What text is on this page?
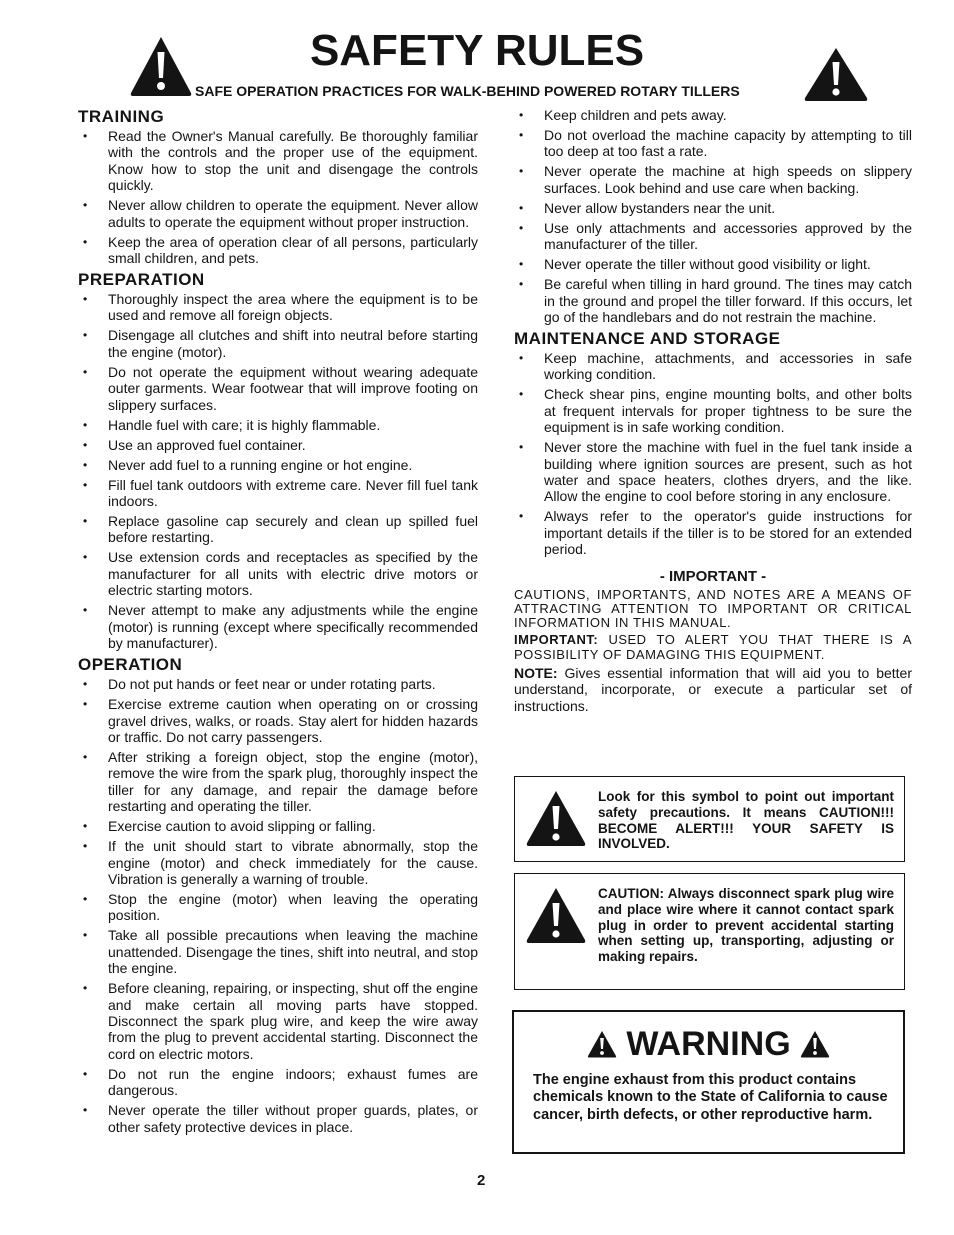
SAFETY RULES
SAFE OPERATION PRACTICES FOR WALK-BEHIND POWERED ROTARY TILLERS
TRAINING
• Read the Owner's Manual carefully. Be thoroughly familiar with the controls and the proper use of the equipment. Know how to stop the unit and disengage the controls quickly.
• Never allow children to operate the equipment. Never allow adults to operate the equipment without proper instruction.
• Keep the area of operation clear of all persons, particularly small children, and pets.
PREPARATION
• Thoroughly inspect the area where the equipment is to be used and remove all foreign objects.
• Disengage all clutches and shift into neutral before starting the engine (motor).
• Do not operate the equipment without wearing adequate outer garments. Wear footwear that will improve footing on slippery surfaces.
• Handle fuel with care; it is highly flammable.
• Use an approved fuel container.
• Never add fuel to a running engine or hot engine.
• Fill fuel tank outdoors with extreme care. Never fill fuel tank indoors.
• Replace gasoline cap securely and clean up spilled fuel before restarting.
• Use extension cords and receptacles as specified by the manufacturer for all units with electric drive motors or electric starting motors.
• Never attempt to make any adjustments while the engine (motor) is running (except where specifically recommended by manufacturer).
OPERATION
• Do not put hands or feet near or under rotating parts.
• Exercise extreme caution when operating on or crossing gravel drives, walks, or roads. Stay alert for hidden hazards or traffic. Do not carry passengers.
• After striking a foreign object, stop the engine (motor), remove the wire from the spark plug, thoroughly inspect the tiller for any damage, and repair the damage before restarting and operating the tiller.
• Exercise caution to avoid slipping or falling.
• If the unit should start to vibrate abnormally, stop the engine (motor) and check immediately for the cause. Vibration is generally a warning of trouble.
• Stop the engine (motor) when leaving the operating position.
• Take all possible precautions when leaving the machine unattended. Disengage the tines, shift into neutral, and stop the engine.
• Before cleaning, repairing, or inspecting, shut off the engine and make certain all moving parts have stopped. Disconnect the spark plug wire, and keep the wire away from the plug to prevent accidental starting. Disconnect the cord on electric motors.
• Do not run the engine indoors; exhaust fumes are dangerous.
• Never operate the tiller without proper guards, plates, or other safety protective devices in place.
• Keep children and pets away.
• Do not overload the machine capacity by attempting to till too deep at too fast a rate.
• Never operate the machine at high speeds on slippery surfaces. Look behind and use care when backing.
• Never allow bystanders near the unit.
• Use only attachments and accessories approved by the manufacturer of the tiller.
• Never operate the tiller without good visibility or light.
• Be careful when tilling in hard ground. The tines may catch in the ground and propel the tiller forward. If this occurs, let go of the handlebars and do not restrain the machine.
MAINTENANCE AND STORAGE
• Keep machine, attachments, and accessories in safe working condition.
• Check shear pins, engine mounting bolts, and other bolts at frequent intervals for proper tightness to be sure the equipment is in safe working condition.
• Never store the machine with fuel in the fuel tank inside a building where ignition sources are present, such as hot water and space heaters, clothes dryers, and the like. Allow the engine to cool before storing in any enclosure.
• Always refer to the operator's guide instructions for important details if the tiller is to be stored for an extended period.
- IMPORTANT -
CAUTIONS, IMPORTANTS, AND NOTES ARE A MEANS OF ATTRACTING ATTENTION TO IMPORTANT OR CRITICAL INFORMATION IN THIS MANUAL.
IMPORTANT: USED TO ALERT YOU THAT THERE IS A POSSIBILITY OF DAMAGING THIS EQUIPMENT.
NOTE: Gives essential information that will aid you to better understand, incorporate, or execute a particular set of instructions.
Look for this symbol to point out important safety precautions. It means CAUTION!!! BECOME ALERT!!! YOUR SAFETY IS INVOLVED.
CAUTION: Always disconnect spark plug wire and place wire where it cannot contact spark plug in order to prevent accidental starting when setting up, transporting, adjusting or making repairs.
WARNING
The engine exhaust from this product contains chemicals known to the State of California to cause cancer, birth defects, or other reproductive harm.
2
